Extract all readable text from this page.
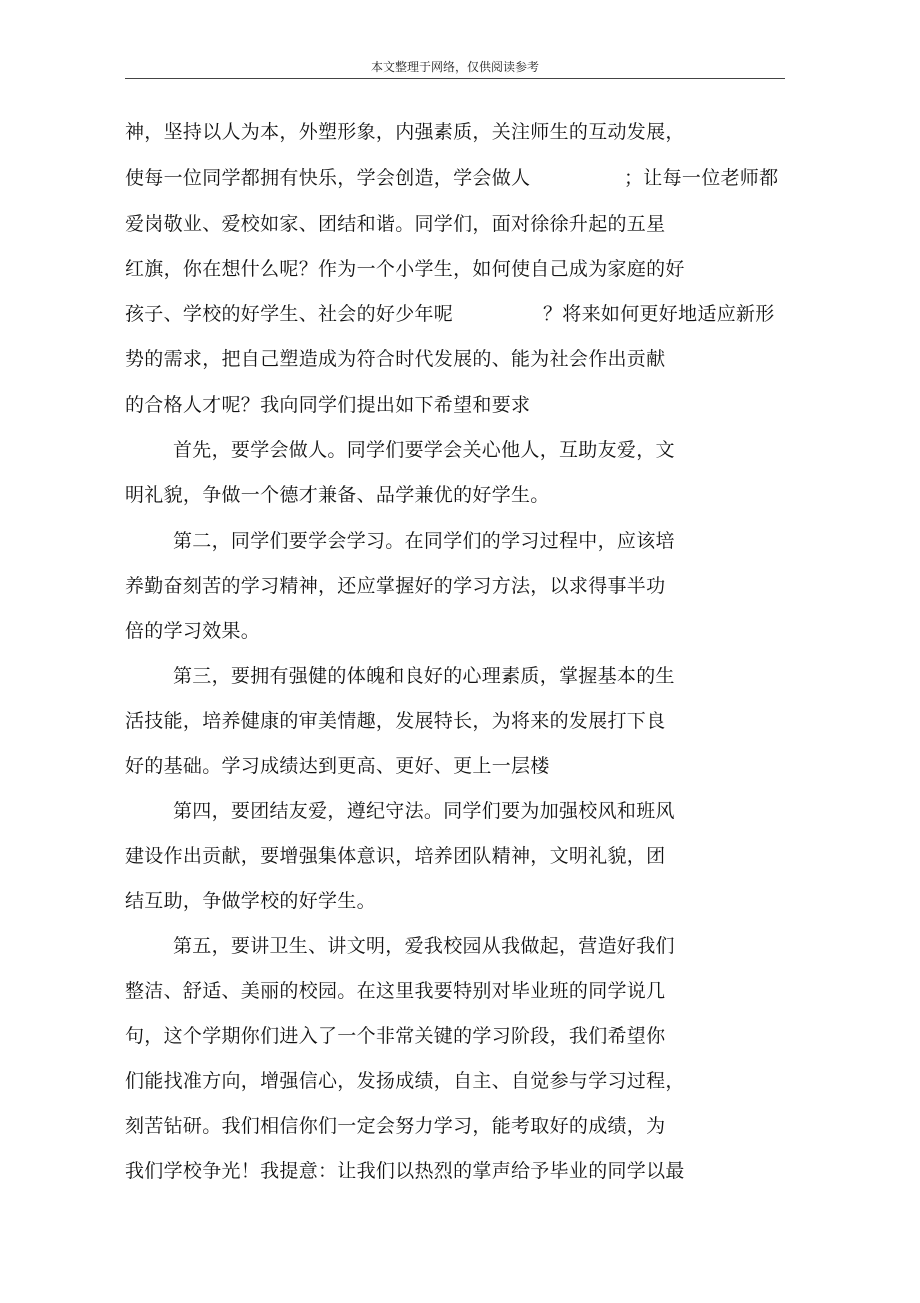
本文整理于网络，仅供阅读参考
神，坚持以人为本，外塑形象，内强素质，关注师生的互动发展，
使每一位同学都拥有快乐，学会创造，学会做人	；让每一位老师都
爱岗敬业、爱校如家、团结和谐。同学们，面对徐徐升起的五星
红旗，你在想什么呢？作为一个小学生，如何使自己成为家庭的好
孩子、学校的好学生、社会的好少年呢	？将来如何更好地适应新形
势的需求，把自己塑造成为符合时代发展的、能为社会作出贡献
的合格人才呢？我向同学们提出如下希望和要求
首先，要学会做人。同学们要学会关心他人，互助友爱，文
明礼貌，争做一个德才兼备、品学兼优的好学生。
第二，同学们要学会学习。在同学们的学习过程中，应该培
养勤奋刻苦的学习精神，还应掌握好的学习方法，以求得事半功
倍的学习效果。
第三，要拥有强健的体魄和良好的心理素质，掌握基本的生
活技能，培养健康的审美情趣，发展特长，为将来的发展打下良
好的基础。学习成绩达到更高、更好、更上一层楼
第四，要团结友爱，遵纪守法。同学们要为加强校风和班风
建设作出贡献，要增强集体意识，培养团队精神，文明礼貌，团
结互助，争做学校的好学生。
第五，要讲卫生、讲文明，爱我校园从我做起，营造好我们
整洁、舒适、美丽的校园。在这里我要特别对毕业班的同学说几
句，这个学期你们进入了一个非常关键的学习阶段，我们希望你
们能找准方向，增强信心，发扬成绩，自主、自觉参与学习过程，
刻苦钻研。我们相信你们一定会努力学习，能考取好的成绩，为
我们学校争光！我提意：让我们以热烈的掌声给予毕业的同学以最
